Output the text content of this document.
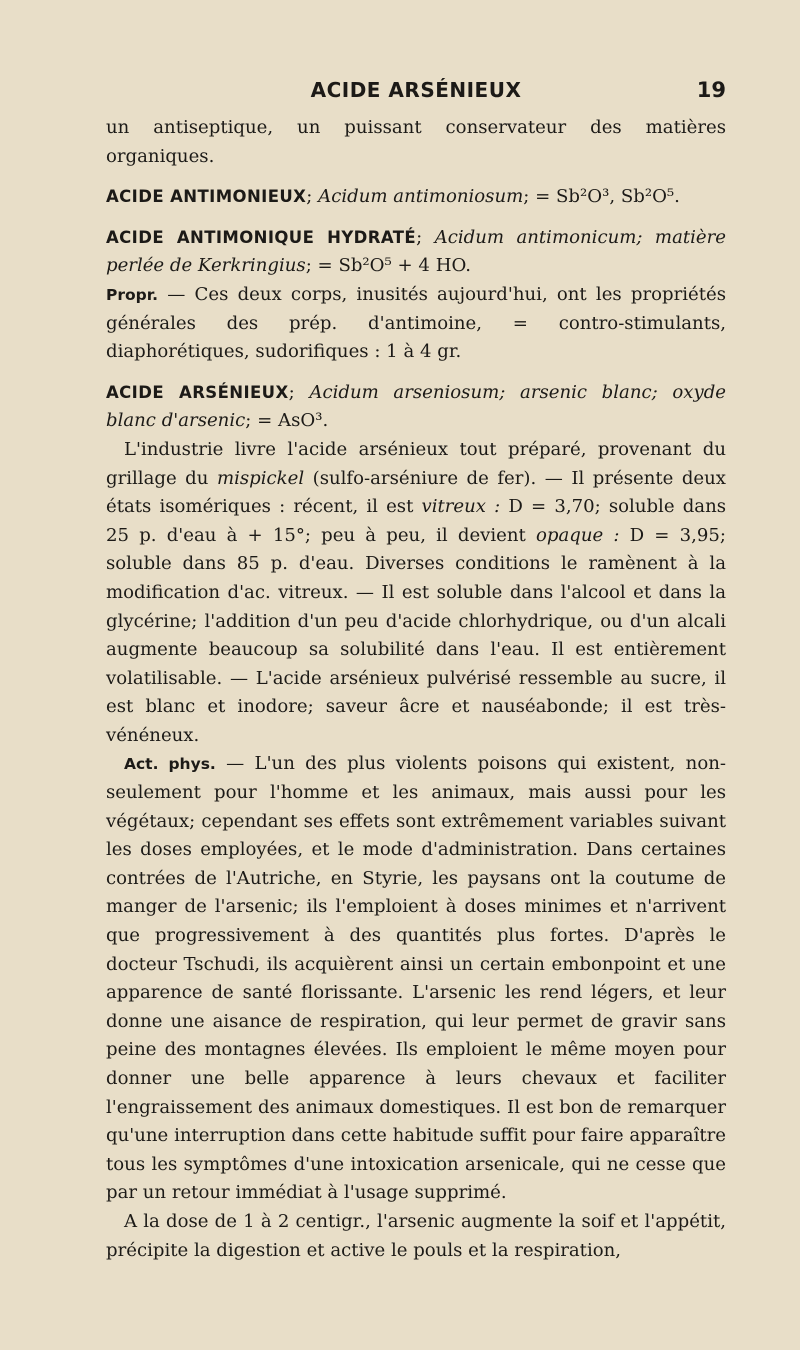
ACIDE ARSÉNIEUX	19

un antiseptique, un puissant conservateur des matières organiques.

ACIDE ANTIMONIEUX; Acidum antimoniosum; = Sb²O³, Sb²O⁵.

ACIDE ANTIMONIQUE HYDRATÉ; Acidum antimonicum; matière perlée de Kerkringius; = Sb²O⁵ + 4 HO.

Propr. — Ces deux corps, inusités aujourd'hui, ont les propriétés générales des prép. d'antimoine, = contro-stimulants, diaphorétiques, sudorifiques : 1 à 4 gr.

ACIDE ARSÉNIEUX; Acidum arseniosum; arsenic blanc; oxyde blanc d'arsenic; = AsO³.

L'industrie livre l'acide arsénieux tout préparé, provenant du grillage du mispickel (sulfo-arséniure de fer). — Il présente deux états isomériques : récent, il est vitreux : D = 3,70; soluble dans 25 p. d'eau à + 15°; peu à peu, il devient opaque : D = 3,95; soluble dans 85 p. d'eau. Diverses conditions le ramènent à la modification d'ac. vitreux. — Il est soluble dans l'alcool et dans la glycérine; l'addition d'un peu d'acide chlorhydrique, ou d'un alcali augmente beaucoup sa solubilité dans l'eau. Il est entièrement volatilisable. — L'acide arsénieux pulvérisé ressemble au sucre, il est blanc et inodore; saveur âcre et nauséabonde; il est très-vénéneux.

Act. phys. — L'un des plus violents poisons qui existent, non-seulement pour l'homme et les animaux, mais aussi pour les végétaux; cependant ses effets sont extrêmement variables suivant les doses employées, et le mode d'administration. Dans certaines contrées de l'Autriche, en Styrie, les paysans ont la coutume de manger de l'arsenic; ils l'emploient à doses minimes et n'arrivent que progressivement à des quantités plus fortes. D'après le docteur Tschudi, ils acquièrent ainsi un certain embonpoint et une apparence de santé florissante. L'arsenic les rend légers, et leur donne une aisance de respiration, qui leur permet de gravir sans peine des montagnes élevées. Ils emploient le même moyen pour donner une belle apparence à leurs chevaux et faciliter l'engraissement des animaux domestiques. Il est bon de remarquer qu'une interruption dans cette habitude suffit pour faire apparaître tous les symptômes d'une intoxication arsenicale, qui ne cesse que par un retour immédiat à l'usage supprimé.

A la dose de 1 à 2 centigr., l'arsenic augmente la soif et l'appétit, précipite la digestion et active le pouls et la respiration,
